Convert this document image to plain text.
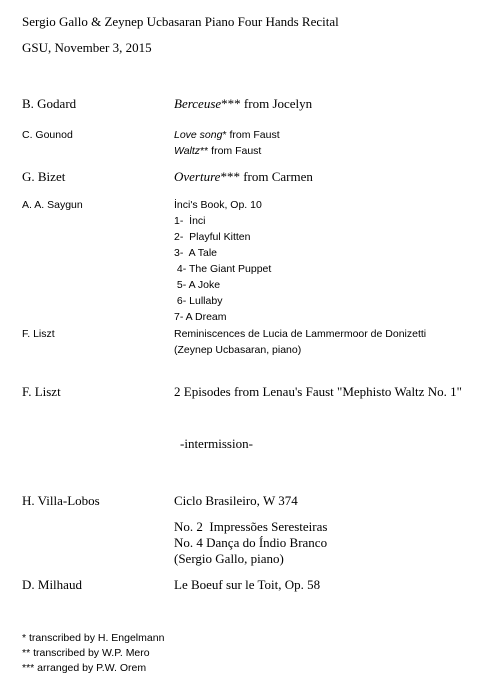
Sergio Gallo & Zeynep Ucbasaran Piano Four Hands Recital
GSU, November 3, 2015
B. Godard	Berceuse*** from Jocelyn
C. Gounod	Love song* from Faust
Waltz** from Faust
G. Bizet	Overture*** from Carmen
A. A. Saygun	İnci's Book, Op. 10
1-  İnci
2-  Playful Kitten
3-  A Tale
4- The Giant Puppet
5- A Joke
6- Lullaby
7- A Dream
F. Liszt	Reminiscences de Lucia de Lammermoor de Donizetti
(Zeynep Ucbasaran, piano)
F. Liszt	2 Episodes from Lenau's Faust "Mephisto Waltz No. 1"
-intermission-
H. Villa-Lobos	Ciclo Brasileiro, W 374
No. 2  Impressões Seresteiras
No. 4 Dança do Índio Branco
(Sergio Gallo, piano)
D. Milhaud	Le Boeuf sur le Toit, Op. 58
* transcribed by H. Engelmann
** transcribed by W.P. Mero
*** arranged by P.W. Orem
